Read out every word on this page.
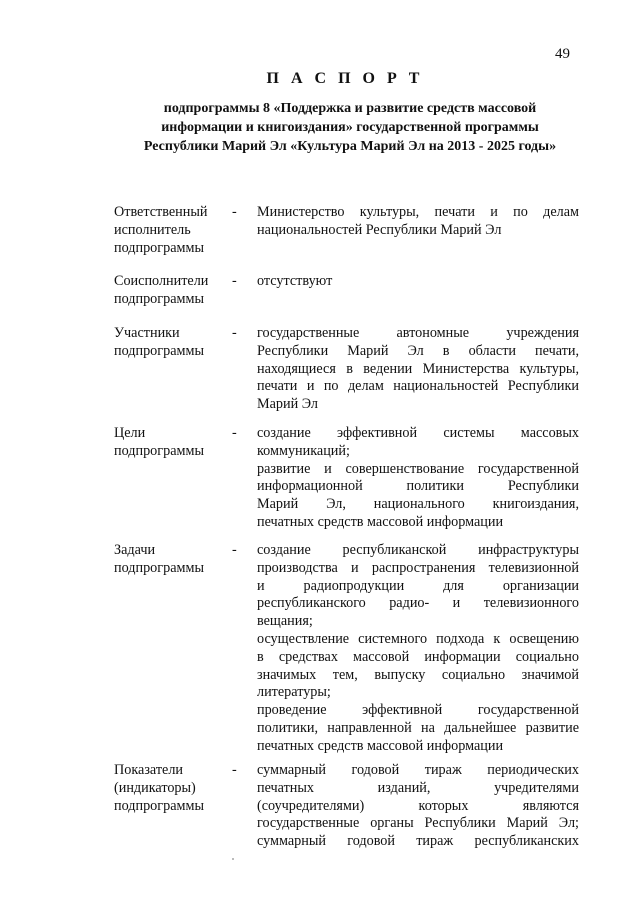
49
П А С П О Р Т
подпрограммы 8 «Поддержка и развитие средств массовой
информации и книгоиздания» государственной программы
Республики Марий Эл «Культура Марий Эл на 2013 - 2025 годы»
Ответственный
исполнитель
подпрограммы
-	Министерство культуры, печати и по делам
национальностей Республики Марий Эл
Соисполнители
подпрограммы
-	отсутствуют
Участники
подпрограммы
-	государственные автономные учреждения
Республики Марий Эл в области печати,
находящиеся в ведении Министерства культуры,
печати и по делам национальностей Республики
Марий Эл
Цели
подпрограммы
-	создание эффективной системы массовых
коммуникаций;
развитие и совершенствование государственной
информационной политики Республики
Марий Эл, национального книгоиздания,
печатных средств массовой информации
Задачи
подпрограммы
-	создание республиканской инфраструктуры
производства и распространения телевизионной
и радиопродукции для организации
республиканского радио- и телевизионного
вещания;
осуществление системного подхода к освещению
в средствах массовой информации социально
значимых тем, выпуску социально значимой
литературы;
проведение эффективной государственной
политики, направленной на дальнейшее развитие
печатных средств массовой информации
Показатели
(индикаторы)
подпрограммы
-	суммарный годовой тираж периодических
печатных изданий, учредителями
(соучредителями) которых являются
государственные органы Республики Марий Эл;
суммарный годовой тираж республиканских
